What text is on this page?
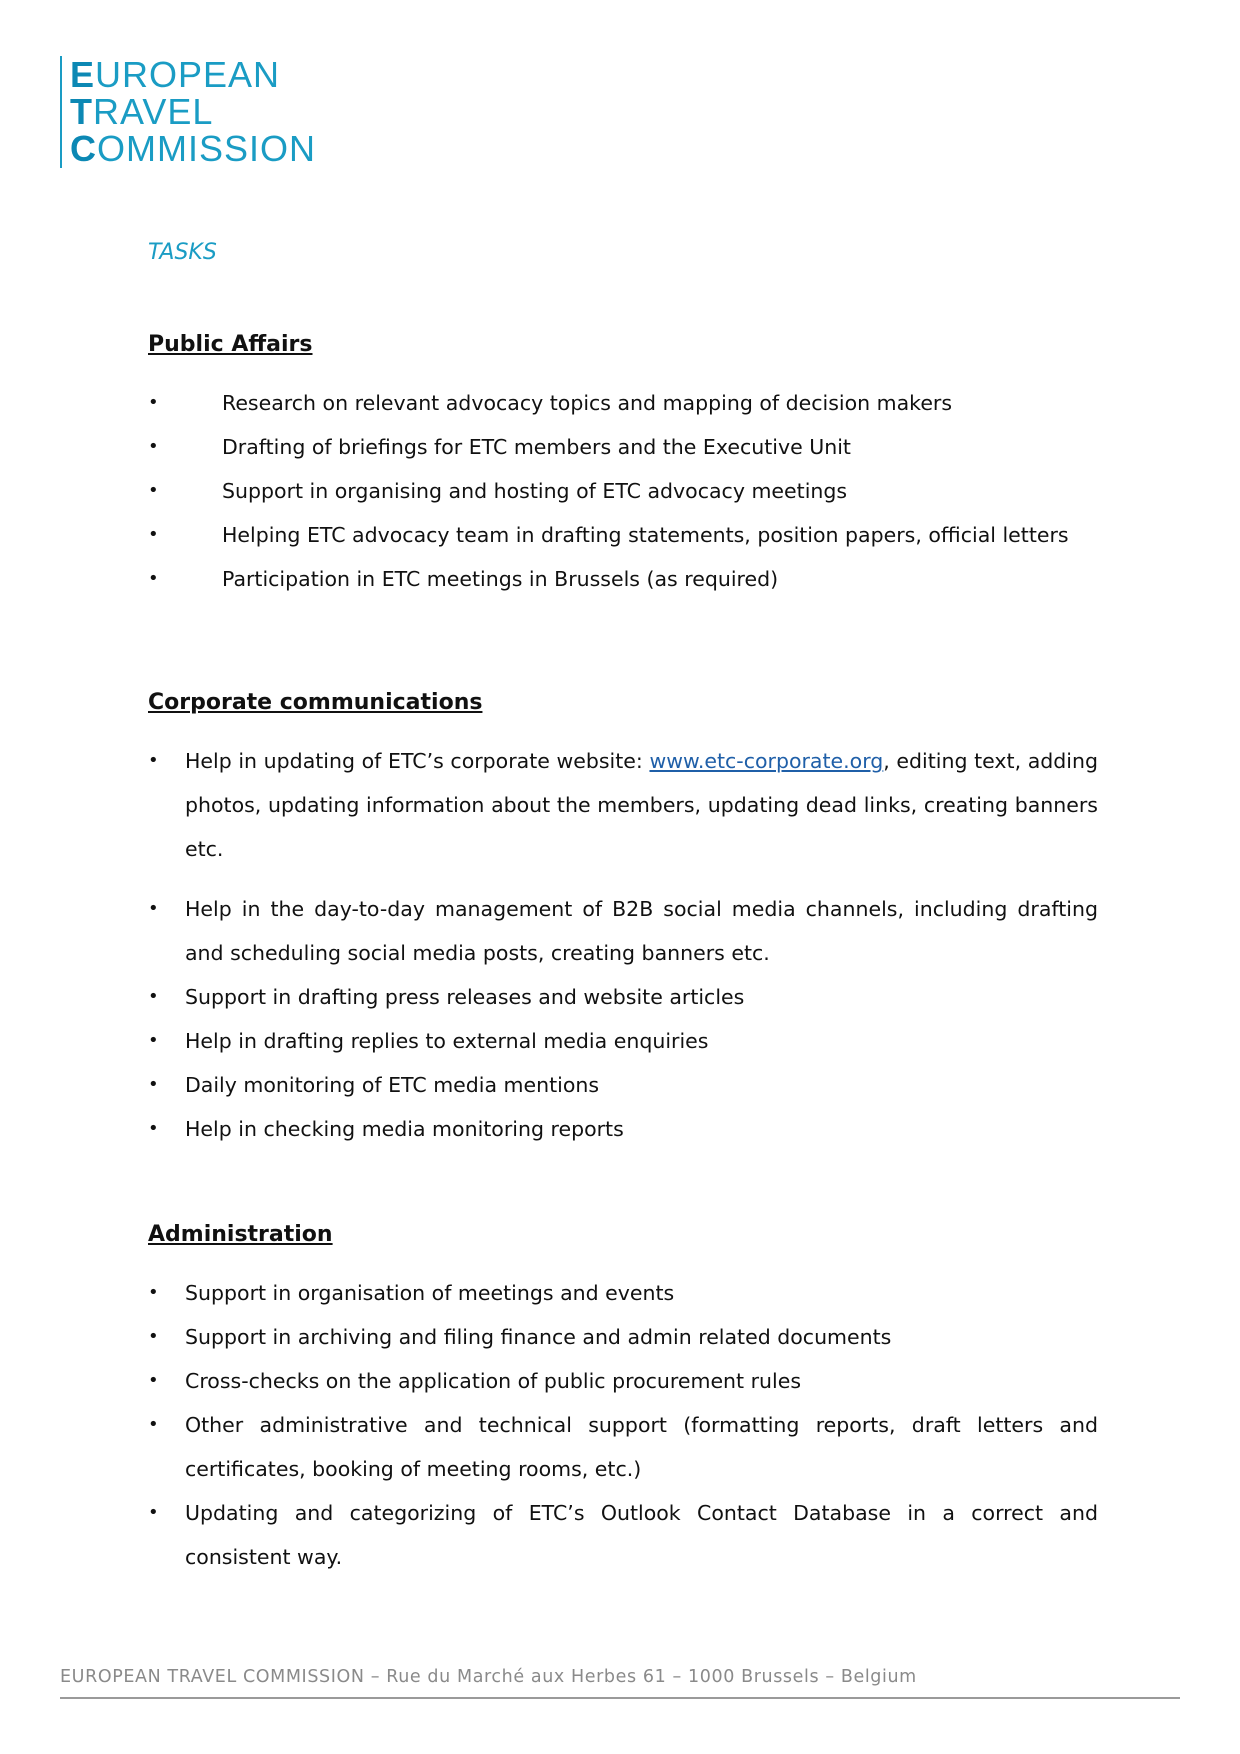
EUROPEAN
TRAVEL
COMMISSION
TASKS
Public Affairs
•	Research on relevant advocacy topics and mapping of decision makers
•	Drafting of briefings for ETC members and the Executive Unit
•	Support in organising and hosting of ETC advocacy meetings
•	Helping ETC advocacy team in drafting statements, position papers, official letters
•	Participation in ETC meetings in Brussels (as required)
Corporate communications
• Help in updating of ETC’s corporate website: www.etc-corporate.org, editing text, adding photos, updating information about the members, updating dead links, creating banners etc.
• Help in the day-to-day management of B2B social media channels, including drafting and scheduling social media posts, creating banners etc.
• Support in drafting press releases and website articles
• Help in drafting replies to external media enquiries
• Daily monitoring of ETC media mentions
• Help in checking media monitoring reports
Administration
• Support in organisation of meetings and events
• Support in archiving and filing finance and admin related documents
• Cross-checks on the application of public procurement rules
• Other administrative and technical support (formatting reports, draft letters and certificates, booking of meeting rooms, etc.)
• Updating and categorizing of ETC’s Outlook Contact Database in a correct and consistent way.
EUROPEAN TRAVEL COMMISSION – Rue du Marché aux Herbes 61 – 1000 Brussels – Belgium
